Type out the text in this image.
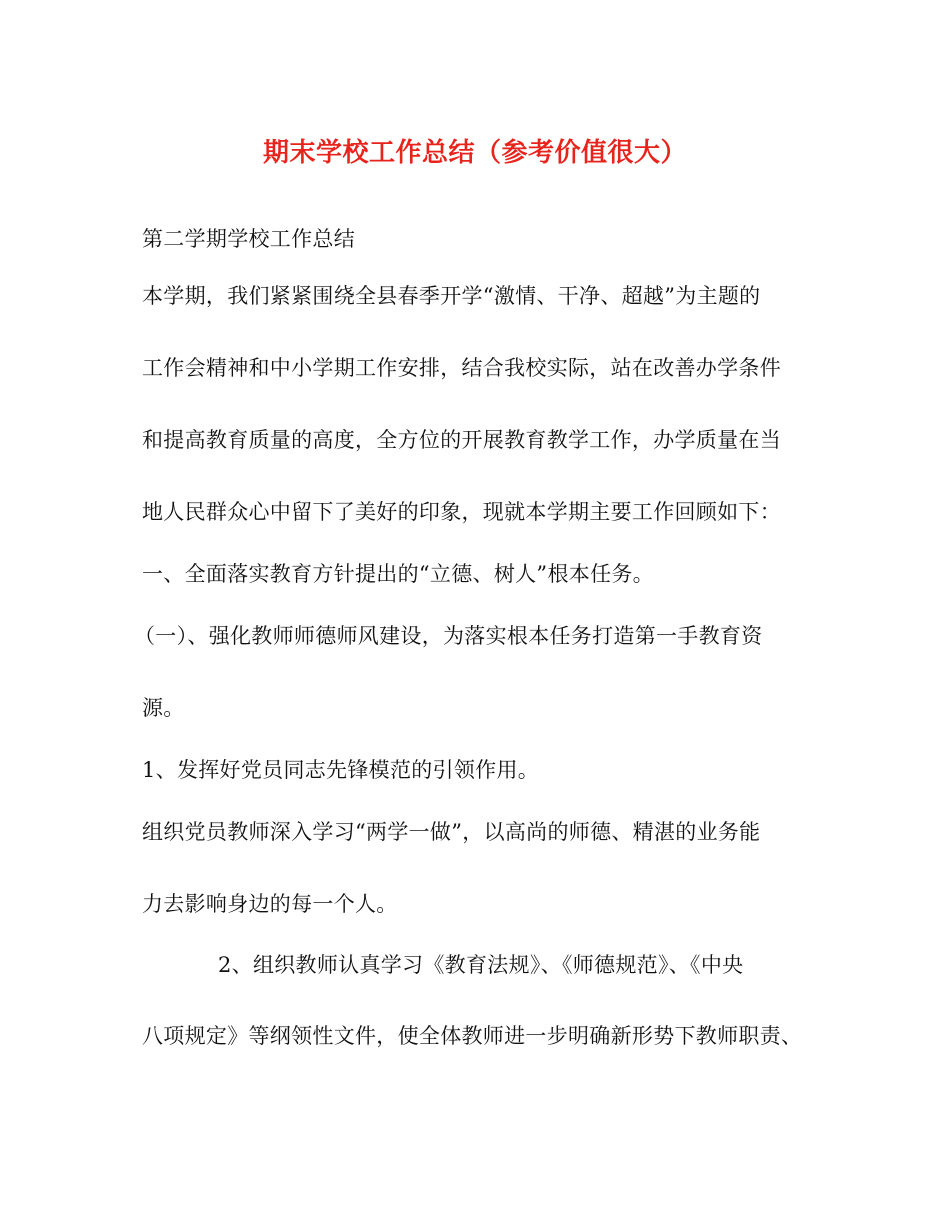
期末学校工作总结（参考价值很大）
第二学期学校工作总结
本学期，我们紧紧围绕全县春季开学“激情、干净、超越”为主题的
工作会精神和中小学期工作安排，结合我校实际，站在改善办学条件
和提高教育质量的高度，全方位的开展教育教学工作，办学质量在当
地人民群众心中留下了美好的印象，现就本学期主要工作回顾如下：
一、全面落实教育方针提出的“立德、树人”根本任务。
（一）、强化教师师德师风建设，为落实根本任务打造第一手教育资
源。
1、发挥好党员同志先锋模范的引领作用。
组织党员教师深入学习“两学一做”，以高尚的师德、精湛的业务能
力去影响身边的每一个人。
2、组织教师认真学习《教育法规》、《师德规范》、《中央
八项规定》等纲领性文件，使全体教师进一步明确新形势下教师职责、
